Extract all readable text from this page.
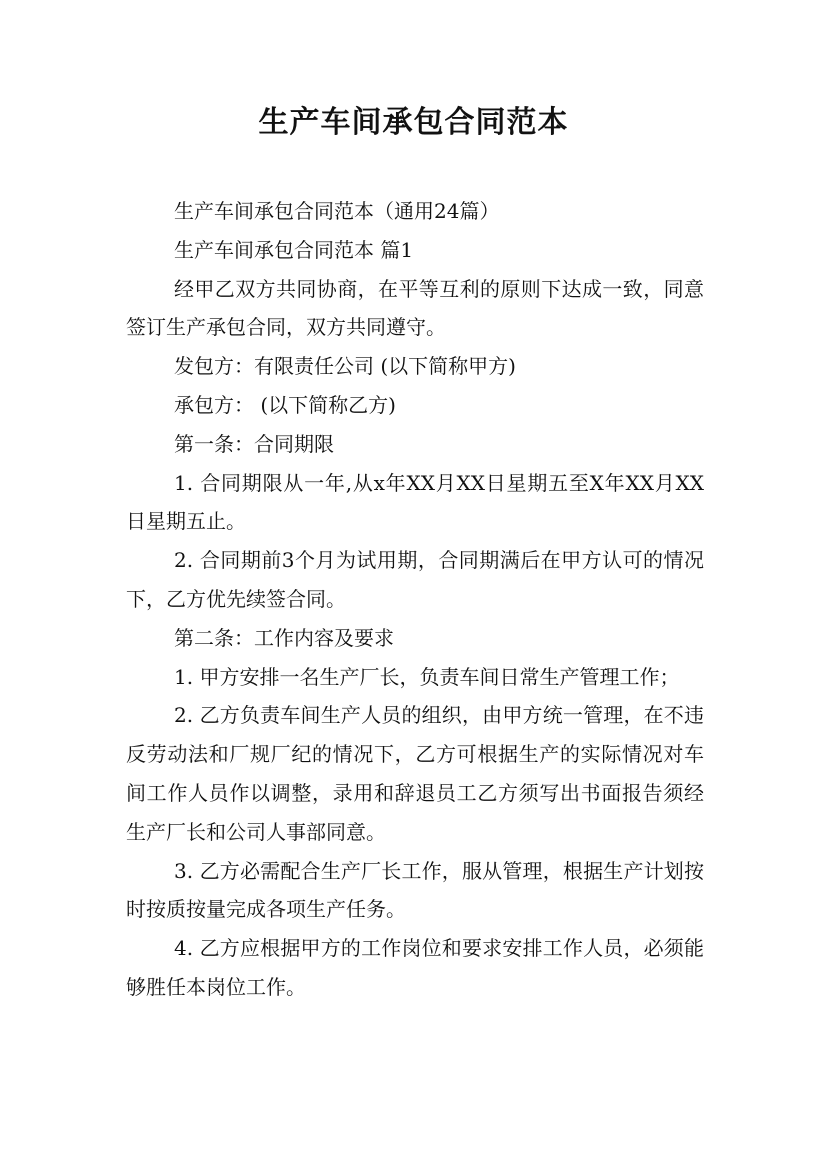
生产车间承包合同范本

生产车间承包合同范本（通用24篇）

生产车间承包合同范本 篇1

经甲乙双方共同协商，在平等互利的原则下达成一致，同意签订生产承包合同，双方共同遵守。

发包方：有限责任公司 (以下简称甲方)

承包方： (以下简称乙方)

第一条：合同期限

1. 合同期限从一年,从x年XX月XX日星期五至X年XX月XX日星期五止。

2. 合同期前3个月为试用期，合同期满后在甲方认可的情况下，乙方优先续签合同。

第二条：工作内容及要求

1. 甲方安排一名生产厂长，负责车间日常生产管理工作；

2. 乙方负责车间生产人员的组织，由甲方统一管理，在不违反劳动法和厂规厂纪的情况下，乙方可根据生产的实际情况对车间工作人员作以调整，录用和辞退员工乙方须写出书面报告须经生产厂长和公司人事部同意。

3. 乙方必需配合生产厂长工作，服从管理，根据生产计划按时按质按量完成各项生产任务。

4. 乙方应根据甲方的工作岗位和要求安排工作人员，必须能够胜任本岗位工作。
